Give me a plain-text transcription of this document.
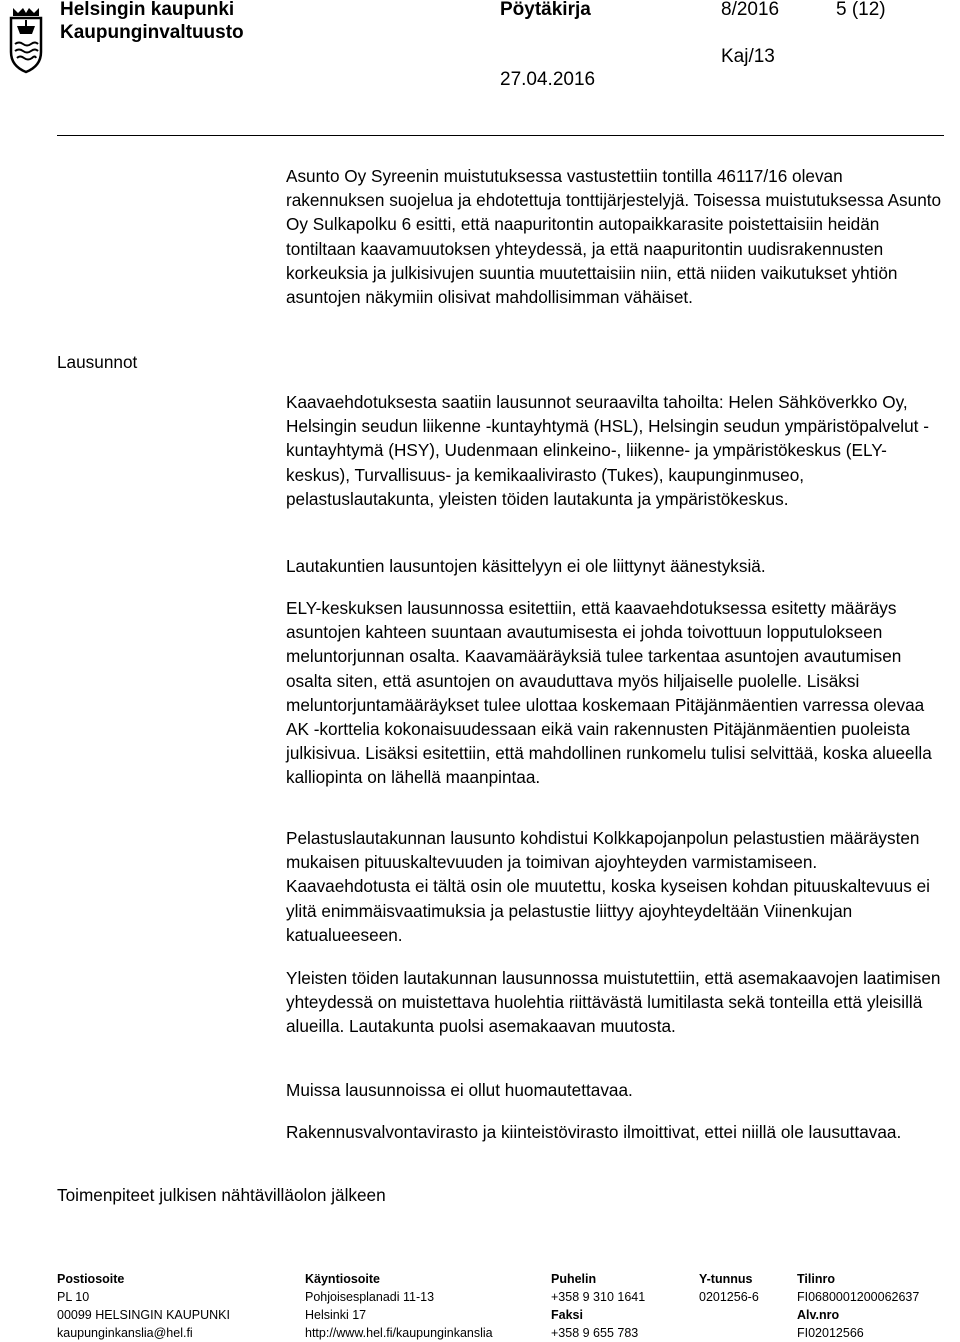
Helsingin kaupunki
Kaupunginvaltuusto
Pöytäkirja	8/2016	5 (12)
Kaj/13
27.04.2016
Lausunnot
Toimenpiteet julkisen nähtävilläolon jälkeen

Asunto Oy Syreenin muistutuksessa vastustettiin tontilla 46117/16 olevan rakennuksen suojelua ja ehdotettuja tonttijärjestelyjä. Toisessa muistutuksessa Asunto Oy Sulkapolku 6 esitti, että naapuritontin autopaikkarasite poistettaisiin heidän tontiltaan kaavamuutoksen yhteydessä, ja että naapuritontin uudisrakennusten korkeuksia ja julkisivujen suuntia muutettaisiin niin, että niiden vaikutukset yhtiön asuntojen näkymiin olisivat mahdollisimman vähäiset.

Kaavaehdotuksesta saatiin lausunnot seuraavilta tahoilta: Helen Sähköverkko Oy, Helsingin seudun liikenne -kuntayhtymä (HSL), Helsingin seudun ympäristöpalvelut -kuntayhtymä (HSY), Uudenmaan elinkeino-, liikenne- ja ympäristökeskus (ELY-keskus), Turvallisuus- ja kemikaalivirasto (Tukes), kaupunginmuseo, pelastuslautakunta, yleisten töiden lautakunta ja ympäristökeskus.

Lautakuntien lausuntojen käsittelyyn ei ole liittynyt äänestyksiä.

ELY-keskuksen lausunnossa esitettiin, että kaavaehdotuksessa esitetty määräys asuntojen kahteen suuntaan avautumisesta ei johda toivottuun lopputulokseen meluntorjunnan osalta. Kaavamääräyksiä tulee tarkentaa asuntojen avautumisen osalta siten, että asuntojen on avauduttava myös hiljaiselle puolelle. Lisäksi meluntorjuntamääräykset tulee ulottaa koskemaan Pitäjänmäentien varressa olevaa AK -korttelia kokonaisuudessaan eikä vain rakennusten Pitäjänmäentien puoleista julkisivua. Lisäksi esitettiin, että mahdollinen runkomelu tulisi selvittää, koska alueella kalliopinta on lähellä maanpintaa.

Pelastuslautakunnan lausunto kohdistui Kolkkapojanpolun pelastustien määräysten mukaisen pituuskaltevuuden ja toimivan ajoyhteyden varmistamiseen. Kaavaehdotusta ei tältä osin ole muutettu, koska kyseisen kohdan pituuskaltevuus ei ylitä enimmäisvaatimuksia ja pelastustie liittyy ajoyhteydeltään Viinenkujan katualueeseen.

Yleisten töiden lautakunnan lausunnossa muistutettiin, että asemakaavojen laatimisen yhteydessä on muistettava huolehtia riittävästä lumitilasta sekä tonteilla että yleisillä alueilla. Lautakunta puolsi asemakaavan muutosta.

Muissa lausunnoissa ei ollut huomautettavaa.

Rakennusvalvontavirasto ja kiinteistövirasto ilmoittivat, ettei niillä ole lausuttavaa.

Postiosoite
PL 10
00099 HELSINGIN KAUPUNKI
kaupunginkanslia@hel.fi
Käyntiosoite
Pohjoisesplanadi 11-13
Helsinki 17
http://www.hel.fi/kaupunginkanslia
Puhelin
+358 9 310 1641
Faksi
+358 9 655 783
Y-tunnus
0201256-6
Tilinro
FI0680001200062637
Alv.nro
FI02012566
